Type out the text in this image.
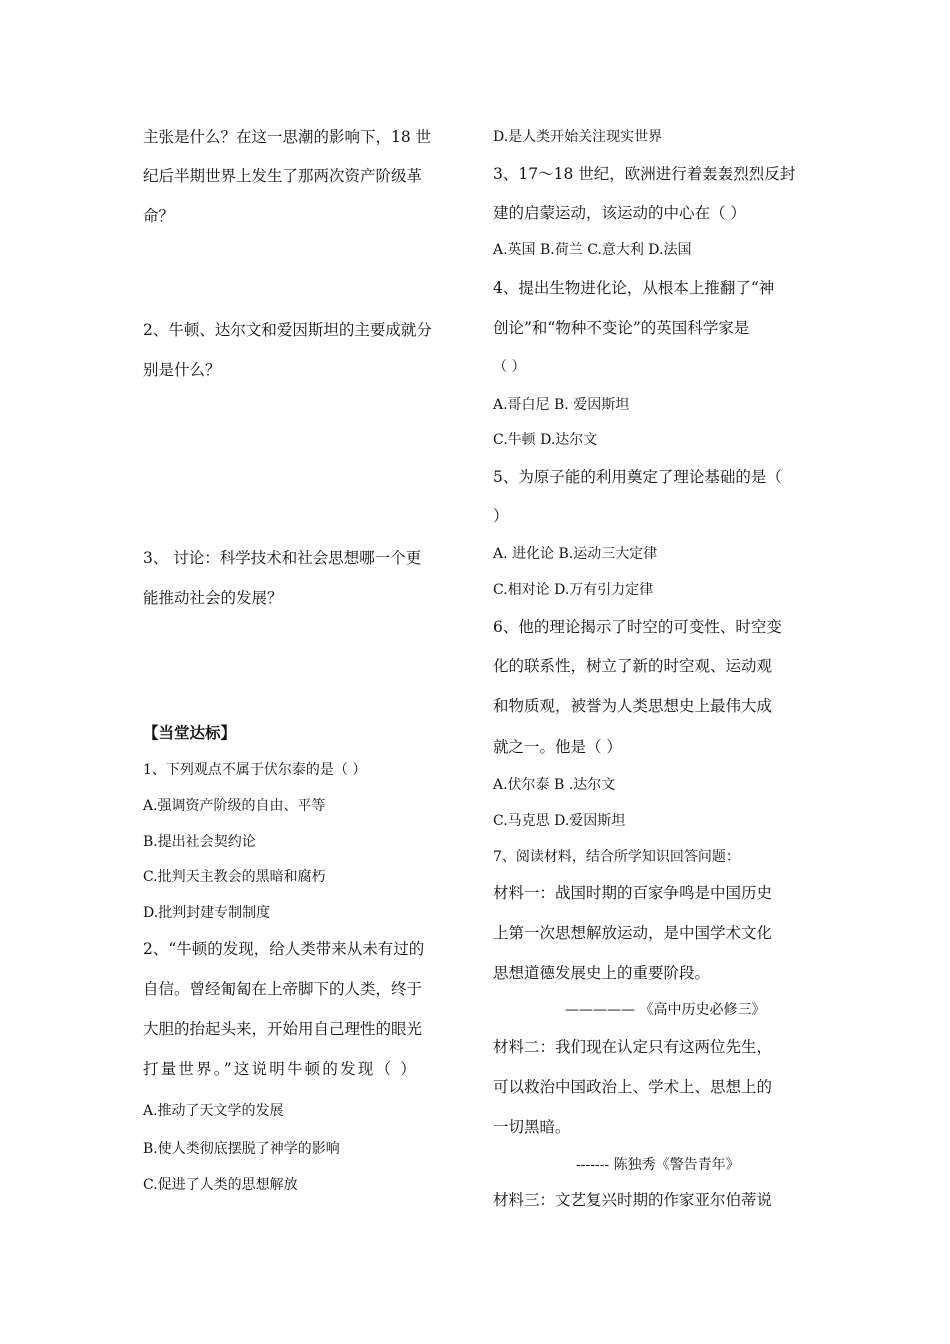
主张是什么？在这一思潮的影响下，18 世
纪后半期世界上发生了那两次资产阶级革
命？
2、牛顿、达尔文和爱因斯坦的主要成就分
别是什么？
3、 讨论：科学技术和社会思想哪一个更
能推动社会的发展？
【当堂达标】
1、下列观点不属于伏尔泰的是（ ）
A.强调资产阶级的自由、平等
B.提出社会契约论
C.批判天主教会的黑暗和腐朽
D.批判封建专制制度
2、“牛顿的发现，给人类带来从未有过的
自信。曾经匍匐在上帝脚下的人类，终于
大胆的抬起头来，开始用自己理性的眼光
打量世界。”这说明牛顿的发现（ ）
A.推动了天文学的发展
B.使人类彻底摆脱了神学的影响
C.促进了人类的思想解放
D.是人类开始关注现实世界
3、17～18 世纪，欧洲进行着轰轰烈烈反封
建的启蒙运动，该运动的中心在（ ）
A.英国 B.荷兰 C.意大利 D.法国
4、提出生物进化论，从根本上推翻了“神
创论”和“物种不变论”的英国科学家是
（ ）
A.哥白尼 B. 爱因斯坦
C.牛顿 D.达尔文
5、为原子能的利用奠定了理论基础的是（
）
A. 进化论 B.运动三大定律
C.相对论 D.万有引力定律
6、他的理论揭示了时空的可变性、时空变
化的联系性，树立了新的时空观、运动观
和物质观，被誉为人类思想史上最伟大成
就之一。他是（ ）
A.伏尔泰 B .达尔文
C.马克思 D.爱因斯坦
7、阅读材料，结合所学知识回答问题：
材料一：战国时期的百家争鸣是中国历史
上第一次思想解放运动，是中国学术文化
思想道德发展史上的重要阶段。
————— 《高中历史必修三》
材料二：我们现在认定只有这两位先生，
可以救治中国政治上、学术上、思想上的
一切黑暗。
------- 陈独秀《警告青年》
材料三：文艺复兴时期的作家亚尔伯蒂说
